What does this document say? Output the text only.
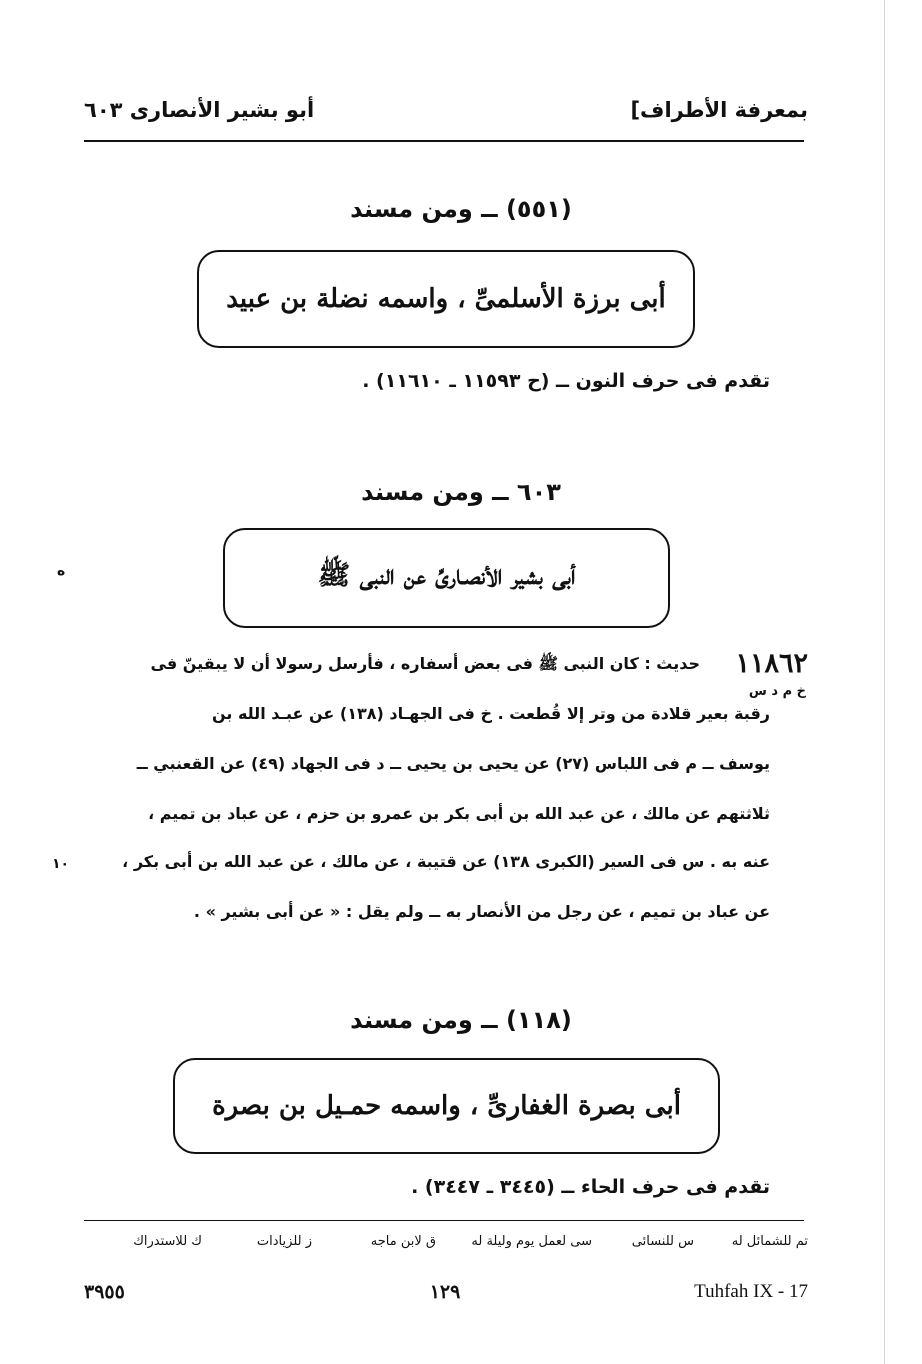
بمعرفة الأطراف]
أبو بشير الأنصارى ٦٠٣
(٥٥١) ــ ومن مسند
أبى برزة الأسلمىِّ ، واسمه نضلة بن عبيد
تقدم فى حرف النون ــ (ح ١١٥٩٣ ـ ١١٦١٠) .
٦٠٣ ــ ومن مسند
أبى بشير الأنصـارىِّ عن النبى ﷺ
ه
١١٨٦٢
خ م د س
حديث : كان النبى ﷺ فى بعض أسفاره ، فأرسل رسولا أن لا يبقينّ فى
رقبة بعير قلادة من وتر إلا قُطعت . خ فى الجهـاد (١٣٨) عن عبـد الله بن
يوسف ــ م فى اللباس (٢٧) عن يحيى بن يحيى ــ د فى الجهاد (٤٩) عن القعنبي ــ
ثلاثتهم عن مالك ، عن عبد الله بن أبى بكر بن عمرو بن حزم ، عن عباد بن تميم ،
عنه به . س فى السير (الكبرى ١٣٨) عن قتيبة ، عن مالك ، عن عبد الله بن أبى بكر ،
عن عباد بن تميم ، عن رجل من الأنصار به ــ ولم يقل : « عن أبى بشير » .
١٠
(١١٨) ــ ومن مسند
أبى بصرة الغفارىِّ ، واسمه حمـيل بن بصرة
تقدم فى حرف الحاء ــ (٣٤٤٥ ـ ٣٤٤٧) .
تم للشمائل له
س للنسائى
سى لعمل يوم وليلة له
ق لابن ماجه
ز للزيادات
ك للاستدراك
٣٩٥٥	١٢٩	Tuhfah IX - 17
